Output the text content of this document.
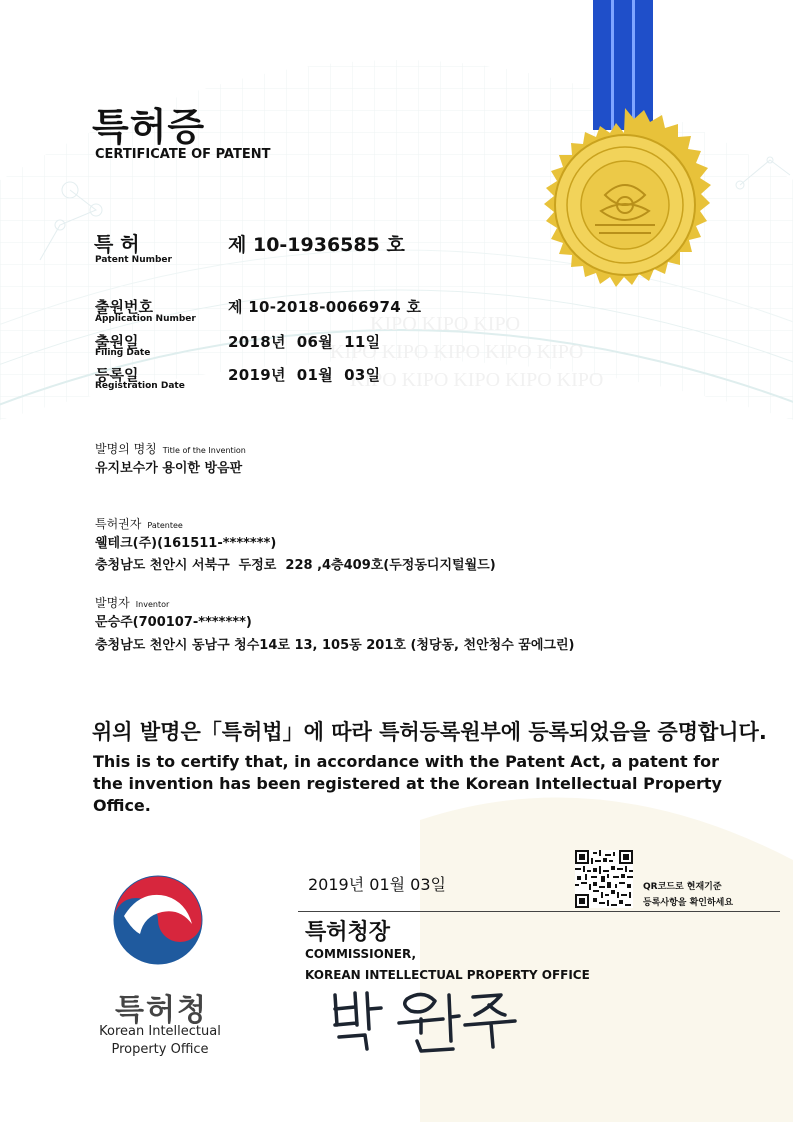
KIPO KIPO KIPO
KIPO KIPO KIPO KIPO KIPO
KIPO KIPO KIPO KIPO KIPO
특허증
CERTIFICATE OF PATENT
특 허
Patent Number
제 10-1936585 호
출원번호
Application Number
제 10-2018-0066974 호
출원일
Filing Date
2018년  06월  11일
등록일
Registration Date
2019년  01월  03일
발명의 명칭 Title of the Invention
유지보수가 용이한 방음판
특허권자 Patentee
웰테크(주)(161511-*******)
충청남도 천안시 서북구  두정로  228 ,4층409호(두정동디지털월드)
발명자 Inventor
문승주(700107-*******)
충청남도 천안시 동남구 청수14로 13, 105동 201호 (청당동, 천안청수 꿈에그린)
위의 발명은「특허법」에 따라 특허등록원부에 등록되었음을 증명합니다.
This is to certify that, in accordance with the Patent Act, a patent for the invention has been registered at the Korean Intellectual Property Office.
특허청
Korean Intellectual
Property Office
2019년 01월 03일	QR코드로 현재기준
등록사항을 확인하세요
특허청장
COMMISSIONER,
KOREAN INTELLECTUAL PROPERTY OFFICE
